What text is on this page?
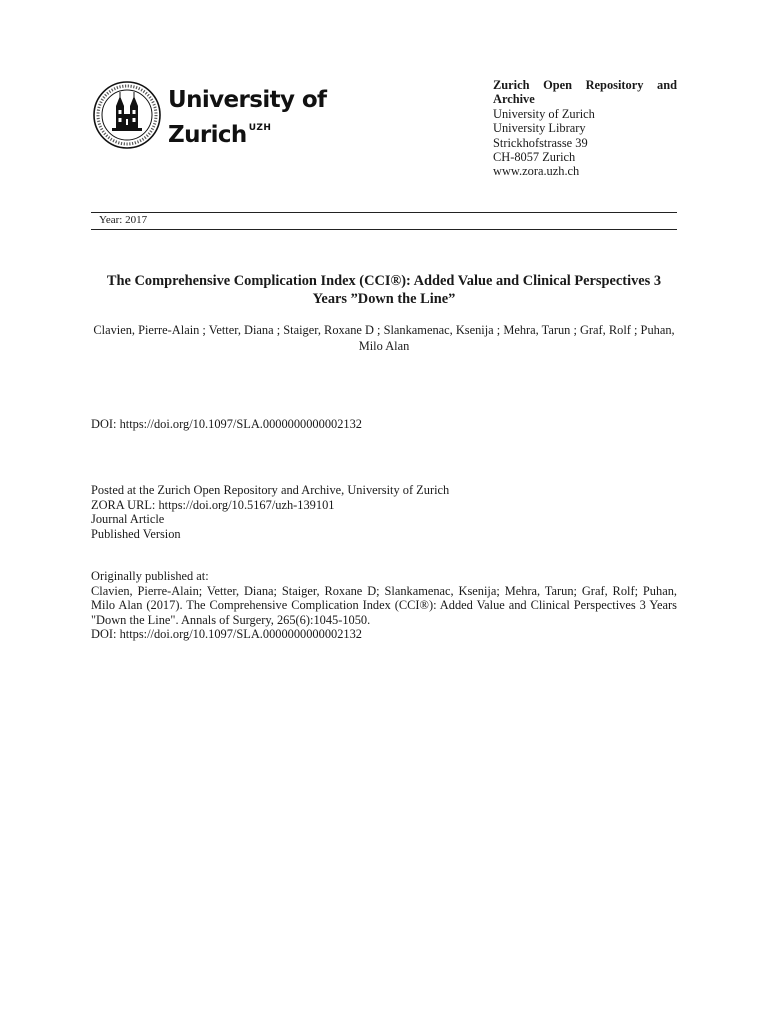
University of
Zurich $^{UZH}$
Zurich Open Repository and Archive
University of Zurich
University Library
Strickhofstrasse 39
CH-8057 Zurich
www.zora.uzh.ch
Year: 2017
The Comprehensive Complication Index (CCI®): Added Value and Clinical Perspectives 3 Years ”Down the Line”
Clavien, Pierre-Alain ; Vetter, Diana ; Staiger, Roxane D ; Slankamenac, Ksenija ; Mehra, Tarun ; Graf, Rolf ; Puhan, Milo Alan
DOI: https://doi.org/10.1097/SLA.0000000000002132
Posted at the Zurich Open Repository and Archive, University of Zurich
ZORA URL: https://doi.org/10.5167/uzh-139101
Journal Article
Published Version
Originally published at:
Clavien, Pierre-Alain; Vetter, Diana; Staiger, Roxane D; Slankamenac, Ksenija; Mehra, Tarun; Graf, Rolf; Puhan, Milo Alan (2017). The Comprehensive Complication Index (CCI®): Added Value and Clinical Perspectives 3 Years "Down the Line". Annals of Surgery, 265(6):1045-1050.
DOI: https://doi.org/10.1097/SLA.0000000000002132
